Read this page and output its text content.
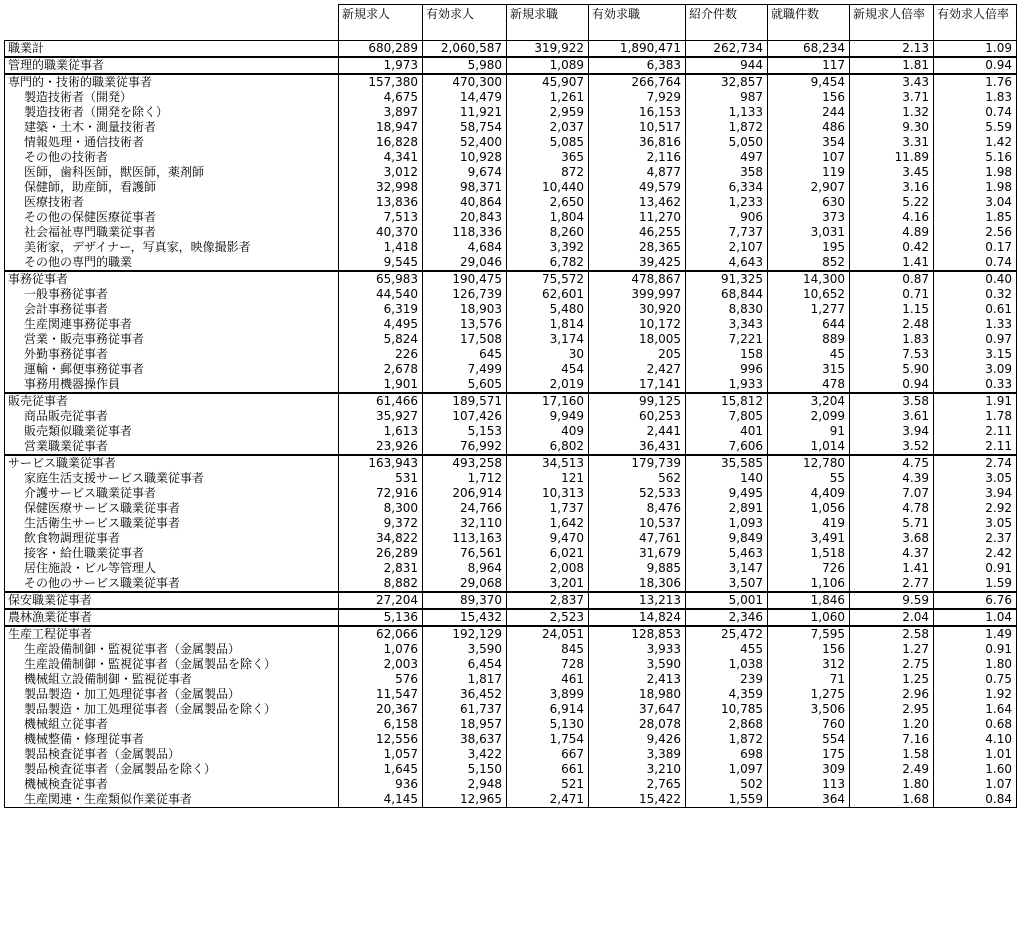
	新規求人	有効求人	新規求職	有効求職	紹介件数	就職件数	新規求人倍率	有効求人倍率
職業計	680,289	2,060,587	319,922	1,890,471	262,734	68,234	2.13	1.09
管理的職業従事者	1,973	5,980	1,089	6,383	944	117	1.81	0.94
専門的・技術的職業従事者	157,380	470,300	45,907	266,764	32,857	9,454	3.43	1.76
製造技術者（開発）	4,675	14,479	1,261	7,929	987	156	3.71	1.83
製造技術者（開発を除く）	3,897	11,921	2,959	16,153	1,133	244	1.32	0.74
建築・土木・測量技術者	18,947	58,754	2,037	10,517	1,872	486	9.30	5.59
情報処理・通信技術者	16,828	52,400	5,085	36,816	5,050	354	3.31	1.42
その他の技術者	4,341	10,928	365	2,116	497	107	11.89	5.16
医師，歯科医師，獣医師，薬剤師	3,012	9,674	872	4,877	358	119	3.45	1.98
保健師，助産師，看護師	32,998	98,371	10,440	49,579	6,334	2,907	3.16	1.98
医療技術者	13,836	40,864	2,650	13,462	1,233	630	5.22	3.04
その他の保健医療従事者	7,513	20,843	1,804	11,270	906	373	4.16	1.85
社会福祉専門職業従事者	40,370	118,336	8,260	46,255	7,737	3,031	4.89	2.56
美術家，デザイナー，写真家，映像撮影者	1,418	4,684	3,392	28,365	2,107	195	0.42	0.17
その他の専門的職業	9,545	29,046	6,782	39,425	4,643	852	1.41	0.74
事務従事者	65,983	190,475	75,572	478,867	91,325	14,300	0.87	0.40
一般事務従事者	44,540	126,739	62,601	399,997	68,844	10,652	0.71	0.32
会計事務従事者	6,319	18,903	5,480	30,920	8,830	1,277	1.15	0.61
生産関連事務従事者	4,495	13,576	1,814	10,172	3,343	644	2.48	1.33
営業・販売事務従事者	5,824	17,508	3,174	18,005	7,221	889	1.83	0.97
外勤事務従事者	226	645	30	205	158	45	7.53	3.15
運輸・郵便事務従事者	2,678	7,499	454	2,427	996	315	5.90	3.09
事務用機器操作員	1,901	5,605	2,019	17,141	1,933	478	0.94	0.33
販売従事者	61,466	189,571	17,160	99,125	15,812	3,204	3.58	1.91
商品販売従事者	35,927	107,426	9,949	60,253	7,805	2,099	3.61	1.78
販売類似職業従事者	1,613	5,153	409	2,441	401	91	3.94	2.11
営業職業従事者	23,926	76,992	6,802	36,431	7,606	1,014	3.52	2.11
サービス職業従事者	163,943	493,258	34,513	179,739	35,585	12,780	4.75	2.74
家庭生活支援サービス職業従事者	531	1,712	121	562	140	55	4.39	3.05
介護サービス職業従事者	72,916	206,914	10,313	52,533	9,495	4,409	7.07	3.94
保健医療サービス職業従事者	8,300	24,766	1,737	8,476	2,891	1,056	4.78	2.92
生活衛生サービス職業従事者	9,372	32,110	1,642	10,537	1,093	419	5.71	3.05
飲食物調理従事者	34,822	113,163	9,470	47,761	9,849	3,491	3.68	2.37
接客・給仕職業従事者	26,289	76,561	6,021	31,679	5,463	1,518	4.37	2.42
居住施設・ビル等管理人	2,831	8,964	2,008	9,885	3,147	726	1.41	0.91
その他のサービス職業従事者	8,882	29,068	3,201	18,306	3,507	1,106	2.77	1.59
保安職業従事者	27,204	89,370	2,837	13,213	5,001	1,846	9.59	6.76
農林漁業従事者	5,136	15,432	2,523	14,824	2,346	1,060	2.04	1.04
生産工程従事者	62,066	192,129	24,051	128,853	25,472	7,595	2.58	1.49
生産設備制御・監視従事者（金属製品）	1,076	3,590	845	3,933	455	156	1.27	0.91
生産設備制御・監視従事者（金属製品を除く）	2,003	6,454	728	3,590	1,038	312	2.75	1.80
機械組立設備制御・監視従事者	576	1,817	461	2,413	239	71	1.25	0.75
製品製造・加工処理従事者（金属製品）	11,547	36,452	3,899	18,980	4,359	1,275	2.96	1.92
製品製造・加工処理従事者（金属製品を除く）	20,367	61,737	6,914	37,647	10,785	3,506	2.95	1.64
機械組立従事者	6,158	18,957	5,130	28,078	2,868	760	1.20	0.68
機械整備・修理従事者	12,556	38,637	1,754	9,426	1,872	554	7.16	4.10
製品検査従事者（金属製品）	1,057	3,422	667	3,389	698	175	1.58	1.01
製品検査従事者（金属製品を除く）	1,645	5,150	661	3,210	1,097	309	2.49	1.60
機械検査従事者	936	2,948	521	2,765	502	113	1.80	1.07
生産関連・生産類似作業従事者	4,145	12,965	2,471	15,422	1,559	364	1.68	0.84
